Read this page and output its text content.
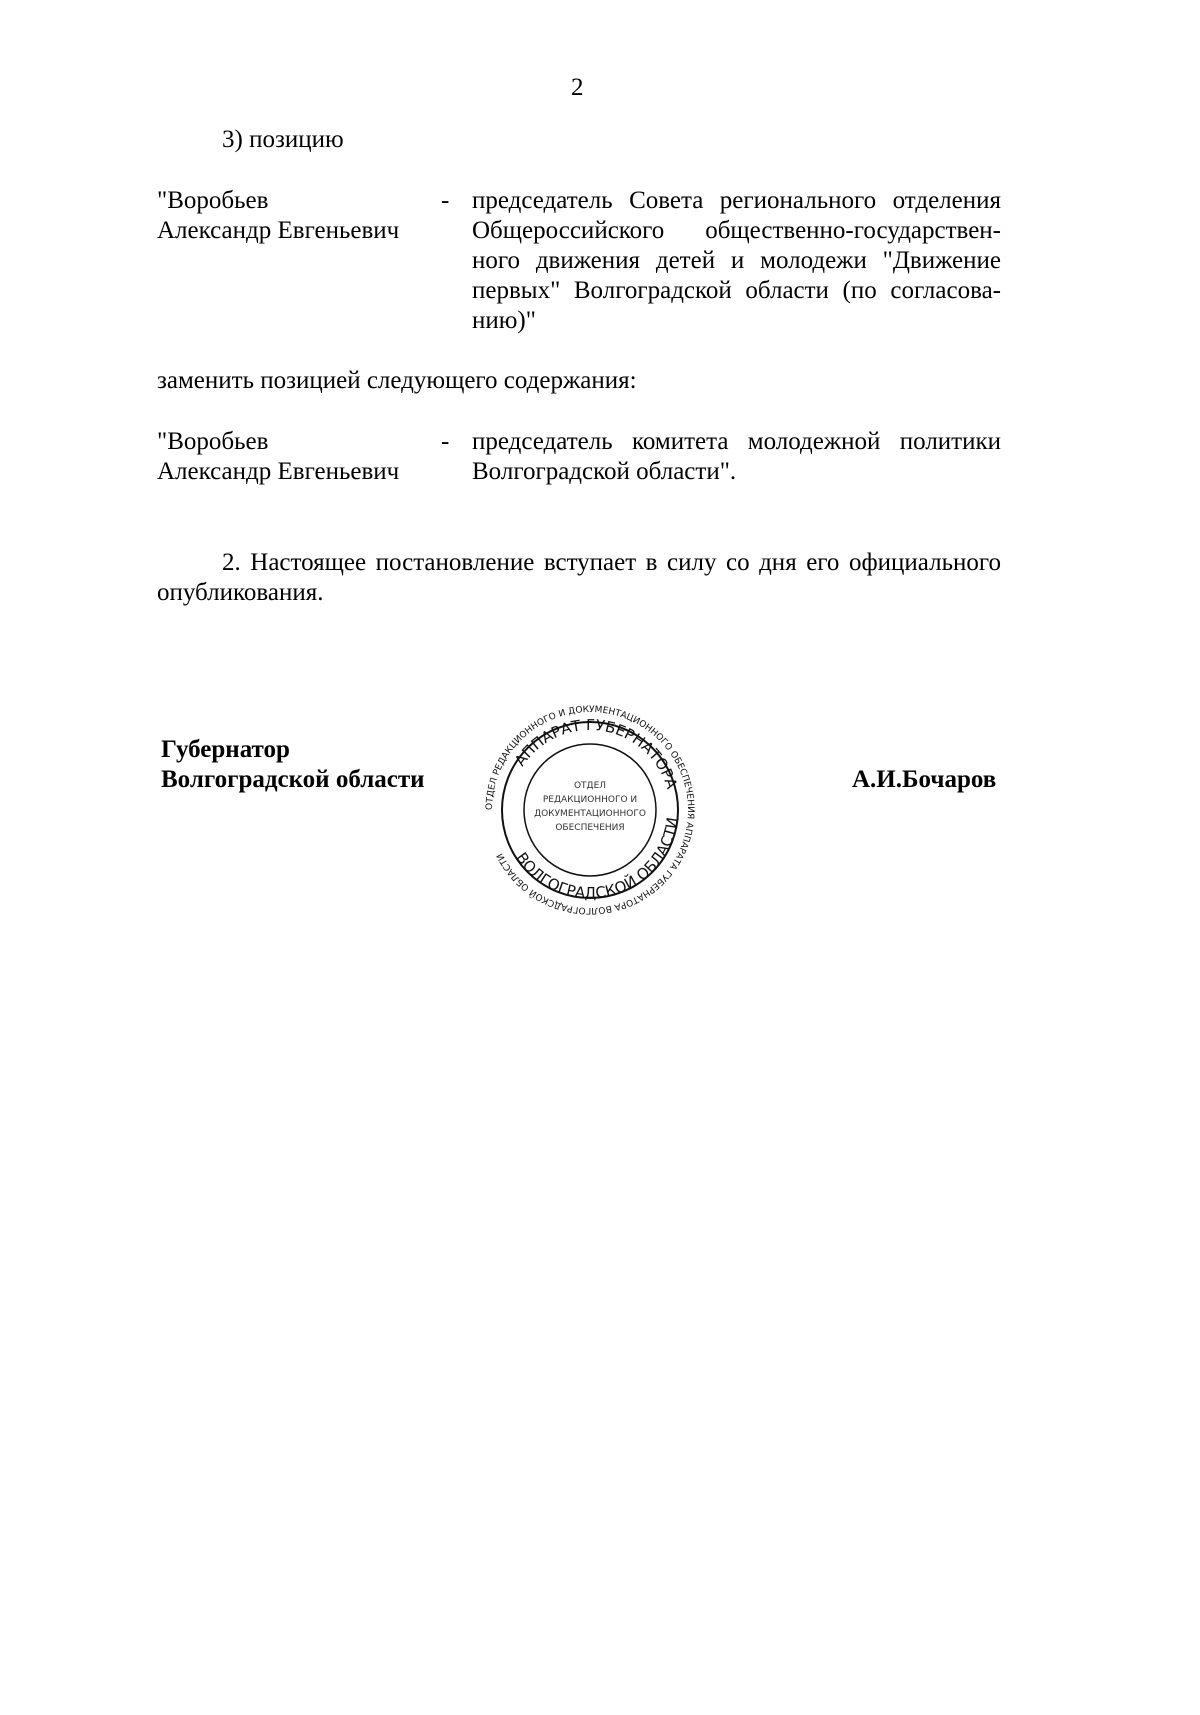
2
3) позицию
"Воробьев
Александр Евгеньевич
- председатель Совета регионального отделения
Общероссийского общественно-государствен-
ного движения детей и молодежи "Движение
первых" Волгоградской области (по согласова-
нию)"
заменить позицией следующего содержания:
"Воробьев
Александр Евгеньевич
- председатель комитета молодежной политики
Волгоградской области".
2. Настоящее постановление вступает в силу со дня его официального
опубликования.
ОТДЕЛ РЕДАКЦИОННОГО И ДОКУМЕНТАЦИОННОГО ОБЕСПЕЧЕНИЯ АППАРАТА ГУБЕРНАТОРА ВОЛГОГРАДСКОЙ ОБЛАСТИ
АППАРАТ ГУБЕРНАТОРА
ВОЛГОГРАДСКОЙ ОБЛАСТИ
ОТДЕЛ
РЕДАКЦИОННОГО И
ДОКУМЕНТАЦИОННОГО
ОБЕСПЕЧЕНИЯ
Губернатор
Волгоградской области	А.И.Бочаров
